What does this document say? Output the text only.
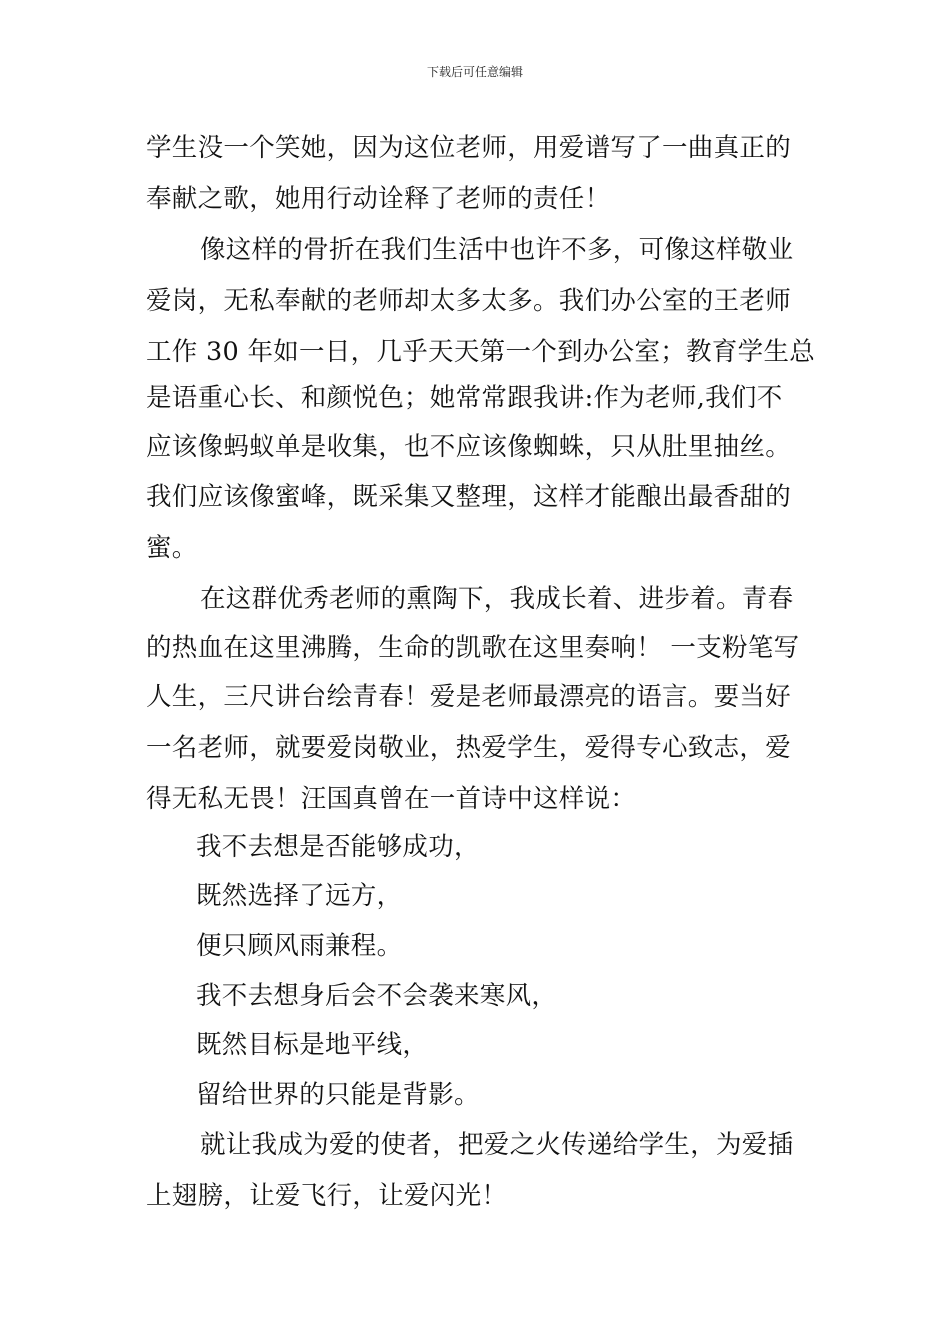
下载后可任意编辑
学生没一个笑她，因为这位老师，用爱谱写了一曲真正的
奉献之歌，她用行动诠释了老师的责任！
像这样的骨折在我们生活中也许不多，可像这样敬业
爱岗，无私奉献的老师却太多太多。我们办公室的王老师
工作 30 年如一日，几乎天天第一个到办公室；教育学生总
是语重心长、和颜悦色；她常常跟我讲:作为老师,我们不
应该像蚂蚁单是收集，也不应该像蜘蛛，只从肚里抽丝。
我们应该像蜜峰，既采集又整理，这样才能酿出最香甜的
蜜。
在这群优秀老师的熏陶下，我成长着、进步着。青春
的热血在这里沸腾，生命的凯歌在这里奏响！ 一支粉笔写
人生，三尺讲台绘青春！爱是老师最漂亮的语言。要当好
一名老师，就要爱岗敬业，热爱学生，爱得专心致志，爱
得无私无畏！汪国真曾在一首诗中这样说：
我不去想是否能够成功，
既然选择了远方，
便只顾风雨兼程。
我不去想身后会不会袭来寒风，
既然目标是地平线，
留给世界的只能是背影。
就让我成为爱的使者，把爱之火传递给学生，为爱插
上翅膀，让爱飞行，让爱闪光！
